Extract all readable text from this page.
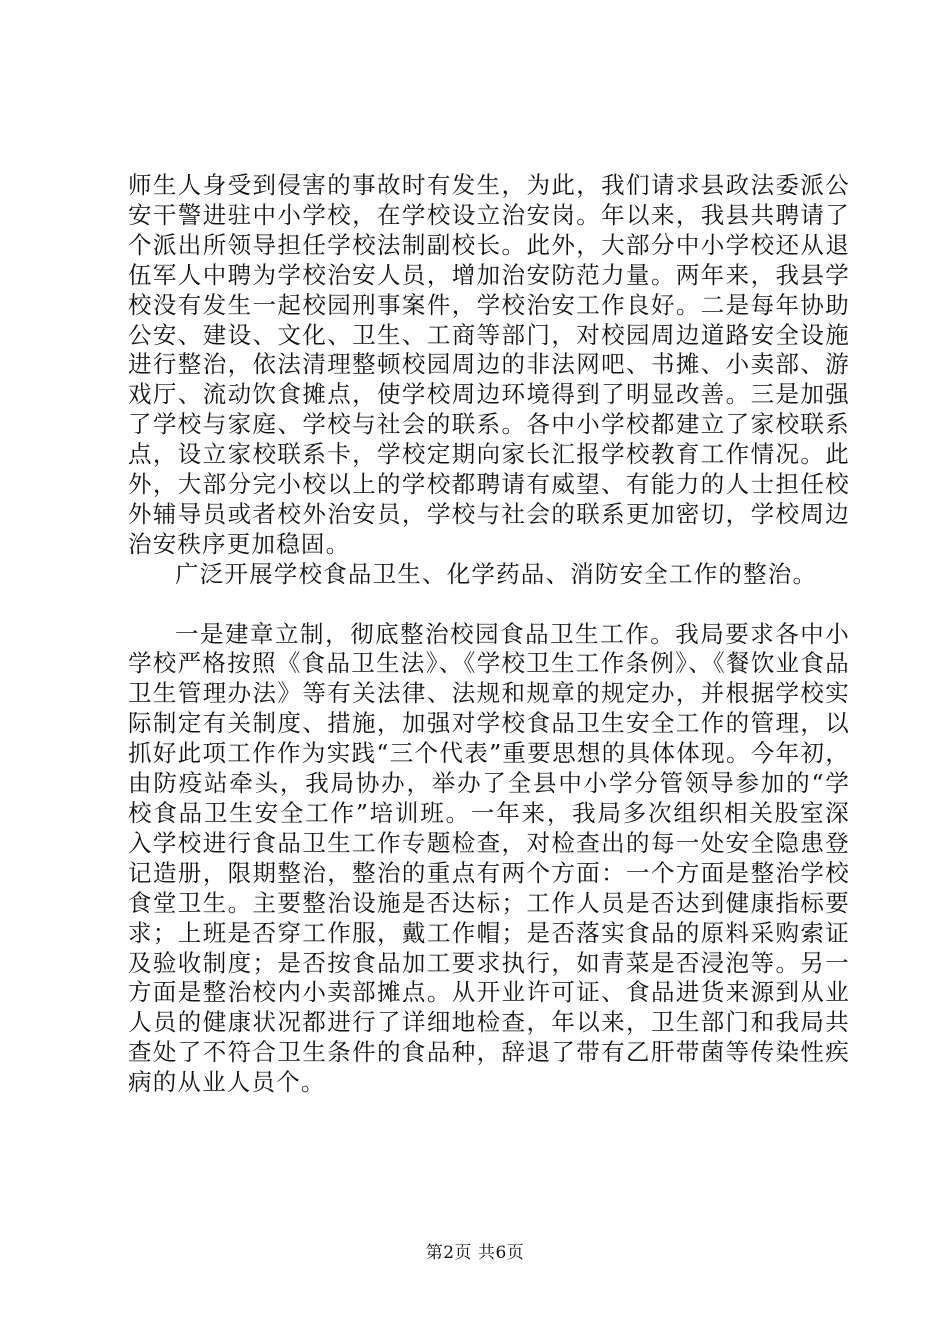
师生人身受到侵害的事故时有发生，为此，我们请求县政法委派公安干警进驻中小学校，在学校设立治安岗。年以来，我县共聘请了个派出所领导担任学校法制副校长。此外，大部分中小学校还从退伍军人中聘为学校治安人员，增加治安防范力量。两年来，我县学校没有发生一起校园刑事案件，学校治安工作良好。二是每年协助公安、建设、文化、卫生、工商等部门，对校园周边道路安全设施进行整治，依法清理整顿校园周边的非法网吧、书摊、小卖部、游戏厅、流动饮食摊点，使学校周边环境得到了明显改善。三是加强了学校与家庭、学校与社会的联系。各中小学校都建立了家校联系点，设立家校联系卡，学校定期向家长汇报学校教育工作情况。此外，大部分完小校以上的学校都聘请有威望、有能力的人士担任校外辅导员或者校外治安员，学校与社会的联系更加密切，学校周边治安秩序更加稳固。

广泛开展学校食品卫生、化学药品、消防安全工作的整治。

一是建章立制，彻底整治校园食品卫生工作。我局要求各中小学校严格按照《食品卫生法》、《学校卫生工作条例》、《餐饮业食品卫生管理办法》等有关法律、法规和规章的规定办，并根据学校实际制定有关制度、措施，加强对学校食品卫生安全工作的管理，以抓好此项工作作为实践“三个代表”重要思想的具体体现。今年初，由防疫站牵头，我局协办，举办了全县中小学分管领导参加的“学校食品卫生安全工作”培训班。一年来，我局多次组织相关股室深入学校进行食品卫生工作专题检查，对检查出的每一处安全隐患登记造册，限期整治，整治的重点有两个方面：一个方面是整治学校食堂卫生。主要整治设施是否达标；工作人员是否达到健康指标要求；上班是否穿工作服，戴工作帽；是否落实食品的原料采购索证及验收制度；是否按食品加工要求执行，如青菜是否浸泡等。另一方面是整治校内小卖部摊点。从开业许可证、食品进货来源到从业人员的健康状况都进行了详细地检查，年以来，卫生部门和我局共查处了不符合卫生条件的食品种，辞退了带有乙肝带菌等传染性疾病的从业人员个。

第2页 共6页
